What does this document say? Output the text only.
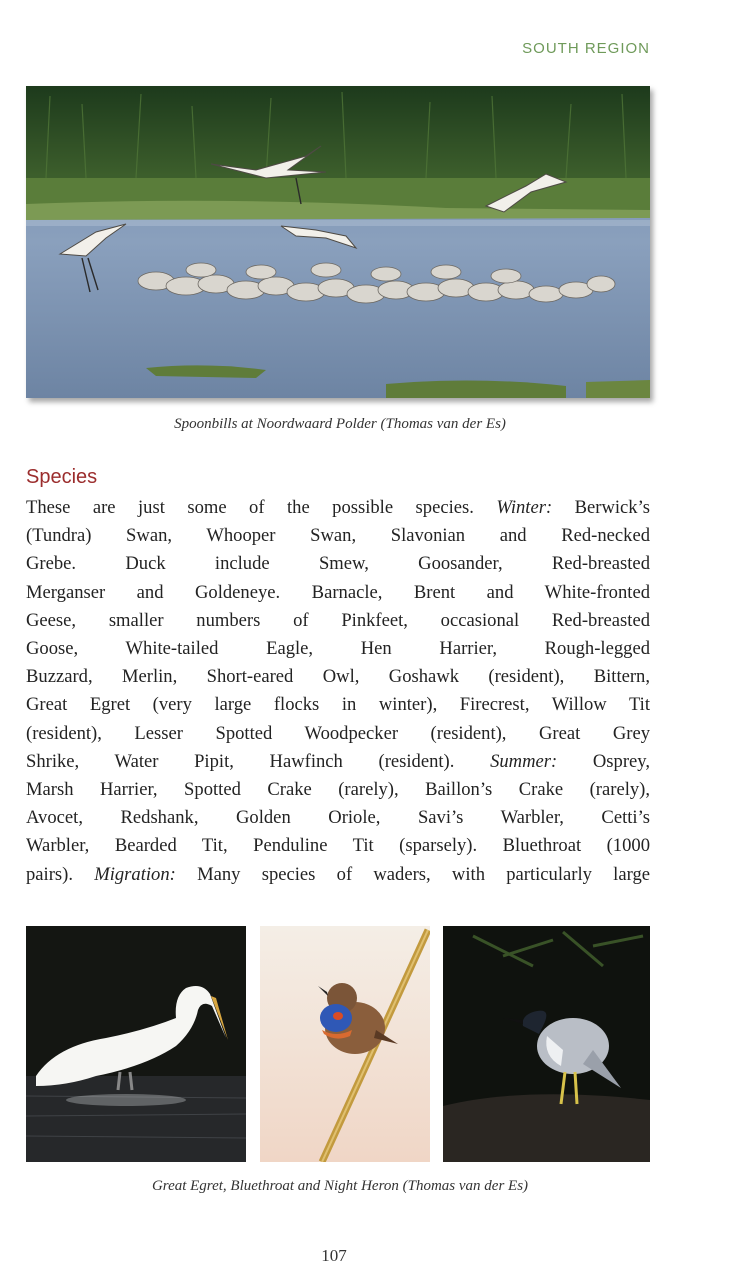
SOUTH REGION
Spoonbills at Noordwaard Polder (Thomas van der Es)
Species
These are just some of the possible species. Winter: Berwick’s
(Tundra) Swan, Whooper Swan, Slavonian and Red-necked
Grebe. Duck include Smew, Goosander, Red-breasted
Merganser and Goldeneye. Barnacle, Brent and White-fronted
Geese, smaller numbers of Pinkfeet, occasional Red-breasted
Goose, White-tailed Eagle, Hen Harrier, Rough-legged
Buzzard, Merlin, Short-eared Owl, Goshawk (resident), Bittern,
Great Egret (very large flocks in winter), Firecrest, Willow Tit
(resident), Lesser Spotted Woodpecker (resident), Great Grey
Shrike, Water Pipit, Hawfinch (resident). Summer: Osprey,
Marsh Harrier, Spotted Crake (rarely), Baillon’s Crake (rarely),
Avocet, Redshank, Golden Oriole, Savi’s Warbler, Cetti’s
Warbler, Bearded Tit, Penduline Tit (sparsely). Bluethroat (1000
pairs). Migration: Many species of waders, with particularly large
Great Egret, Bluethroat and Night Heron (Thomas van der Es)
107
